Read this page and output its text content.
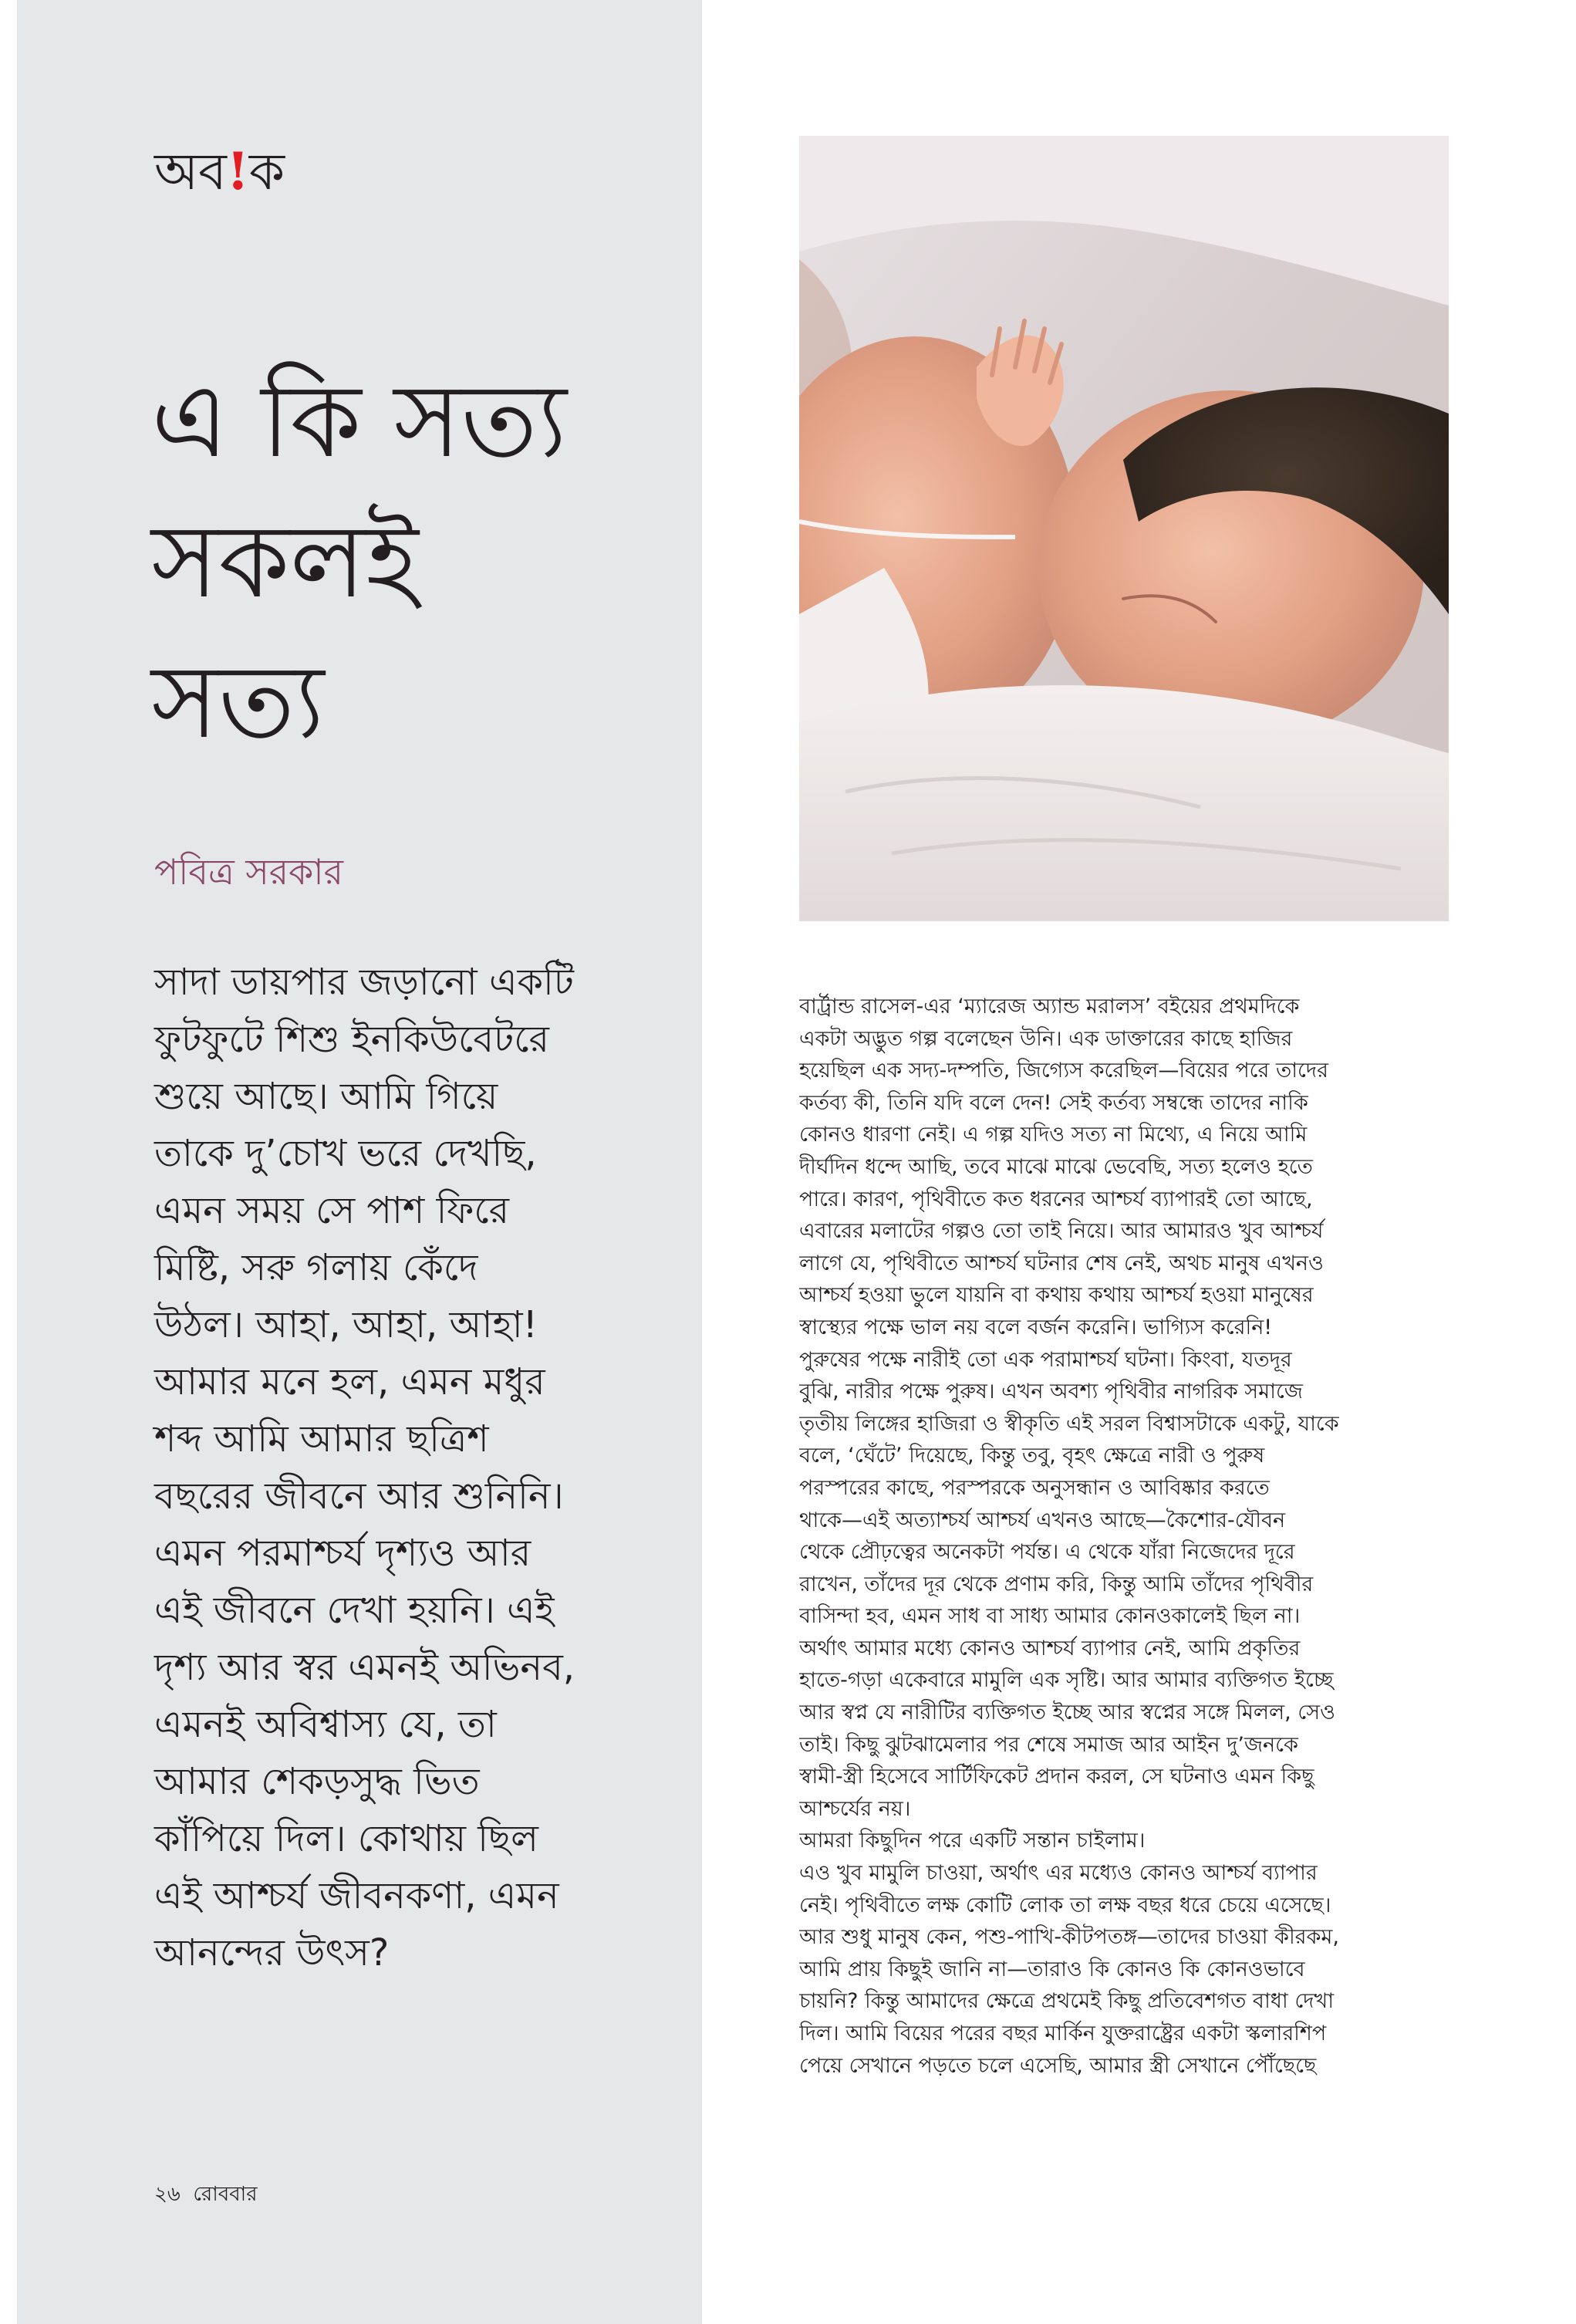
অব!ক
এ কি সত্য
সকলই
সত্য
পবিত্র সরকার
সাদা ডায়পার জড়ানো একটি
ফুটফুটে শিশু ইনকিউবেটরে
শুয়ে আছে। আমি গিয়ে
তাকে দু’চোখ ভরে দেখছি,
এমন সময় সে পাশ ফিরে
মিষ্টি, সরু গলায় কেঁদে
উঠল। আহা, আহা, আহা!
আমার মনে হল, এমন মধুর
শব্দ আমি আমার ছত্রিশ
বছরের জীবনে আর শুনিনি।
এমন পরমাশ্চর্য দৃশ্যও আর
এই জীবনে দেখা হয়নি। এই
দৃশ্য আর স্বর এমনই অভিনব,
এমনই অবিশ্বাস্য যে, তা
আমার শেকড়সুদ্ধ ভিত
কাঁপিয়ে দিল। কোথায় ছিল
এই আশ্চর্য জীবনকণা, এমন
আনন্দের উৎস?
২৬ রোববার
বার্ট্রান্ড রাসেল-এর ‘ম্যারেজ অ্যান্ড মরালস’ বইয়ের প্রথমদিকে
একটা অদ্ভুত গল্প বলেছেন উনি। এক ডাক্তারের কাছে হাজির
হয়েছিল এক সদ্য-দম্পতি, জিগ্যেস করেছিল—বিয়ের পরে তাদের
কর্তব্য কী, তিনি যদি বলে দেন! সেই কর্তব্য সম্বন্ধে তাদের নাকি
কোনও ধারণা নেই। এ গল্প যদিও সত্য না মিথ্যে, এ নিয়ে আমি
দীর্ঘদিন ধন্দে আছি, তবে মাঝে মাঝে ভেবেছি, সত্য হলেও হতে
পারে। কারণ, পৃথিবীতে কত ধরনের আশ্চর্য ব্যাপারই তো আছে,
এবারের মলাটের গল্পও তো তাই নিয়ে। আর আমারও খুব আশ্চর্য
লাগে যে, পৃথিবীতে আশ্চর্য ঘটনার শেষ নেই, অথচ মানুষ এখনও
আশ্চর্য হওয়া ভুলে যায়নি বা কথায় কথায় আশ্চর্য হওয়া মানুষের
স্বাস্থ্যের পক্ষে ভাল নয় বলে বর্জন করেনি। ভাগ্যিস করেনি!
পুরুষের পক্ষে নারীই তো এক পরামাশ্চর্য ঘটনা। কিংবা, যতদূর
বুঝি, নারীর পক্ষে পুরুষ। এখন অবশ্য পৃথিবীর নাগরিক সমাজে
তৃতীয় লিঙ্গের হাজিরা ও স্বীকৃতি এই সরল বিশ্বাসটাকে একটু, যাকে
বলে, ‘ঘেঁটে’ দিয়েছে, কিন্তু তবু, বৃহৎ ক্ষেত্রে নারী ও পুরুষ
পরস্পরের কাছে, পরস্পরকে অনুসন্ধান ও আবিষ্কার করতে
থাকে—এই অত্যাশ্চর্য আশ্চর্য এখনও আছে—কৈশোর-যৌবন
থেকে প্রৌঢ়ত্বের অনেকটা পর্যন্ত। এ থেকে যাঁরা নিজেদের দূরে
রাখেন, তাঁদের দূর থেকে প্রণাম করি, কিন্তু আমি তাঁদের পৃথিবীর
বাসিন্দা হব, এমন সাধ বা সাধ্য আমার কোনওকালেই ছিল না।
অর্থাৎ আমার মধ্যে কোনও আশ্চর্য ব্যাপার নেই, আমি প্রকৃতির
হাতে-গড়া একেবারে মামুলি এক সৃষ্টি। আর আমার ব্যক্তিগত ইচ্ছে
আর স্বপ্ন যে নারীটির ব্যক্তিগত ইচ্ছে আর স্বপ্নের সঙ্গে মিলল, সেও
তাই। কিছু ঝুটঝামেলার পর শেষে সমাজ আর আইন দু’জনকে
স্বামী-স্ত্রী হিসেবে সার্টিফিকেট প্রদান করল, সে ঘটনাও এমন কিছু
আশ্চর্যের নয়।
আমরা কিছুদিন পরে একটি সন্তান চাইলাম।
এও খুব মামুলি চাওয়া, অর্থাৎ এর মধ্যেও কোনও আশ্চর্য ব্যাপার
নেই। পৃথিবীতে লক্ষ কোটি লোক তা লক্ষ বছর ধরে চেয়ে এসেছে।
আর শুধু মানুষ কেন, পশু-পাখি-কীটপতঙ্গ—তাদের চাওয়া কীরকম,
আমি প্রায় কিছুই জানি না—তারাও কি কোনও কি কোনওভাবে
চায়নি? কিন্তু আমাদের ক্ষেত্রে প্রথমেই কিছু প্রতিবেশগত বাধা দেখা
দিল। আমি বিয়ের পরের বছর মার্কিন যুক্তরাষ্ট্রের একটা স্কলারশিপ
পেয়ে সেখানে পড়তে চলে এসেছি, আমার স্ত্রী সেখানে পৌঁছেছে
